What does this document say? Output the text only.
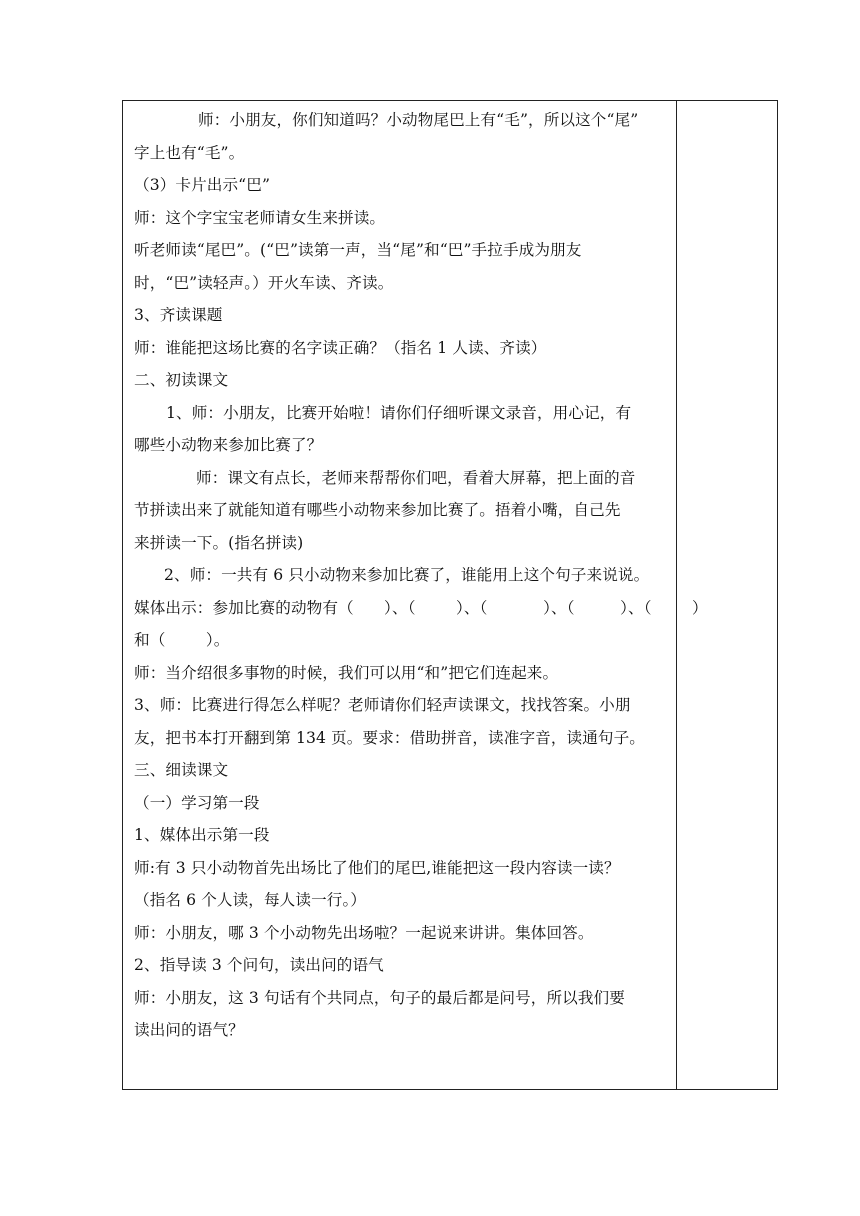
师：小朋友，你们知道吗？小动物尾巴上有“毛”，所以这个“尾”
字上也有“毛”。
（3）卡片出示“巴”
师：这个字宝宝老师请女生来拼读。
听老师读“尾巴”。(“巴”读第一声，当“尾”和“巴”手拉手成为朋友
时，“巴”读轻声。）开火车读、齐读。
3、齐读课题
师：谁能把这场比赛的名字读正确？（指名 1 人读、齐读）
二、初读课文
1、师：小朋友，比赛开始啦！请你们仔细听课文录音，用心记，有
哪些小动物来参加比赛了？
师：课文有点长，老师来帮帮你们吧，看着大屏幕，把上面的音
节拼读出来了就能知道有哪些小动物来参加比赛了。捂着小嘴，自己先
来拼读一下。(指名拼读)
2、师：一共有 6 只小动物来参加比赛了，谁能用上这个句子来说说。
媒体出示：参加比赛的动物有（      ）、（        ）、（           ）、（         ）、（        ）
和（        ）。
师：当介绍很多事物的时候，我们可以用“和”把它们连起来。
3、师：比赛进行得怎么样呢？老师请你们轻声读课文，找找答案。小朋
友，把书本打开翻到第 134 页。要求：借助拼音，读准字音，读通句子。
三、细读课文
（一）学习第一段
1、媒体出示第一段
师:有 3 只小动物首先出场比了他们的尾巴,谁能把这一段内容读一读？
（指名 6 个人读，每人读一行。）
师：小朋友，哪 3 个小动物先出场啦？一起说来讲讲。集体回答。
2、指导读 3 个问句，读出问的语气
师：小朋友，这 3 句话有个共同点，句子的最后都是问号，所以我们要
读出问的语气？
